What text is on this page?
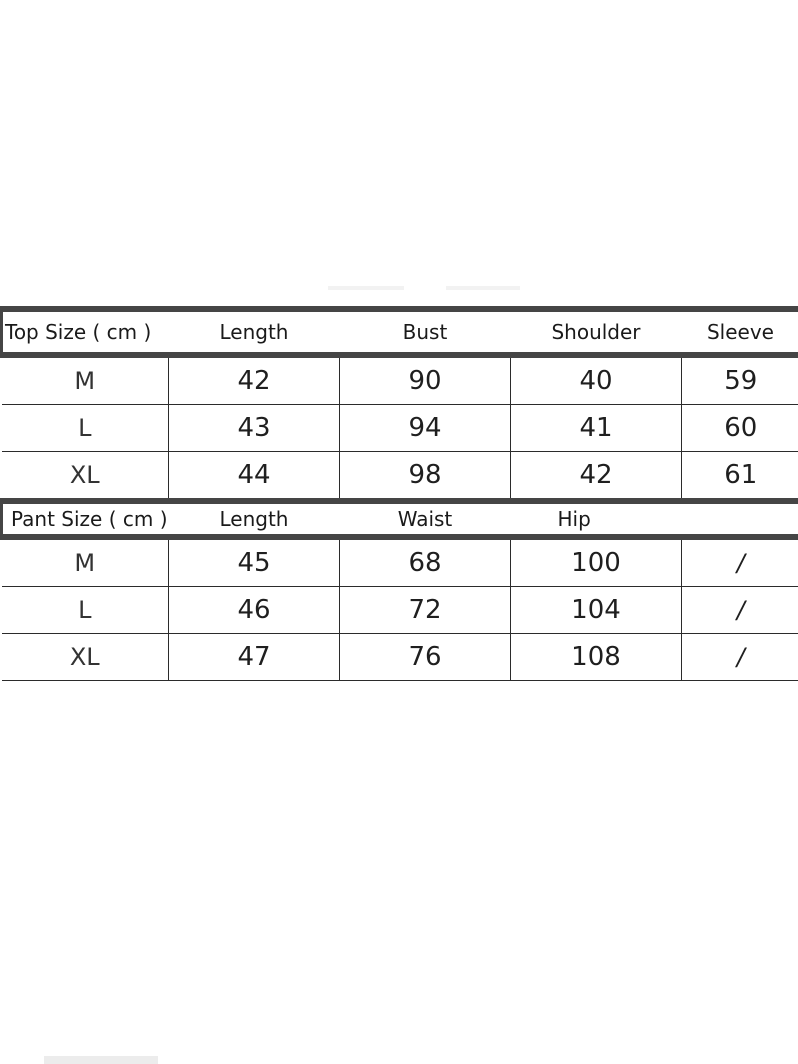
Top Size ( cm )	Length	Bust	Shoulder	Sleeve
M	42	90	40	59
L	43	94	41	60
XL	44	98	42	61
Pant Size ( cm )	Length	Waist	Hip	
M	45	68	100	/
L	46	72	104	/
XL	47	76	108	/
